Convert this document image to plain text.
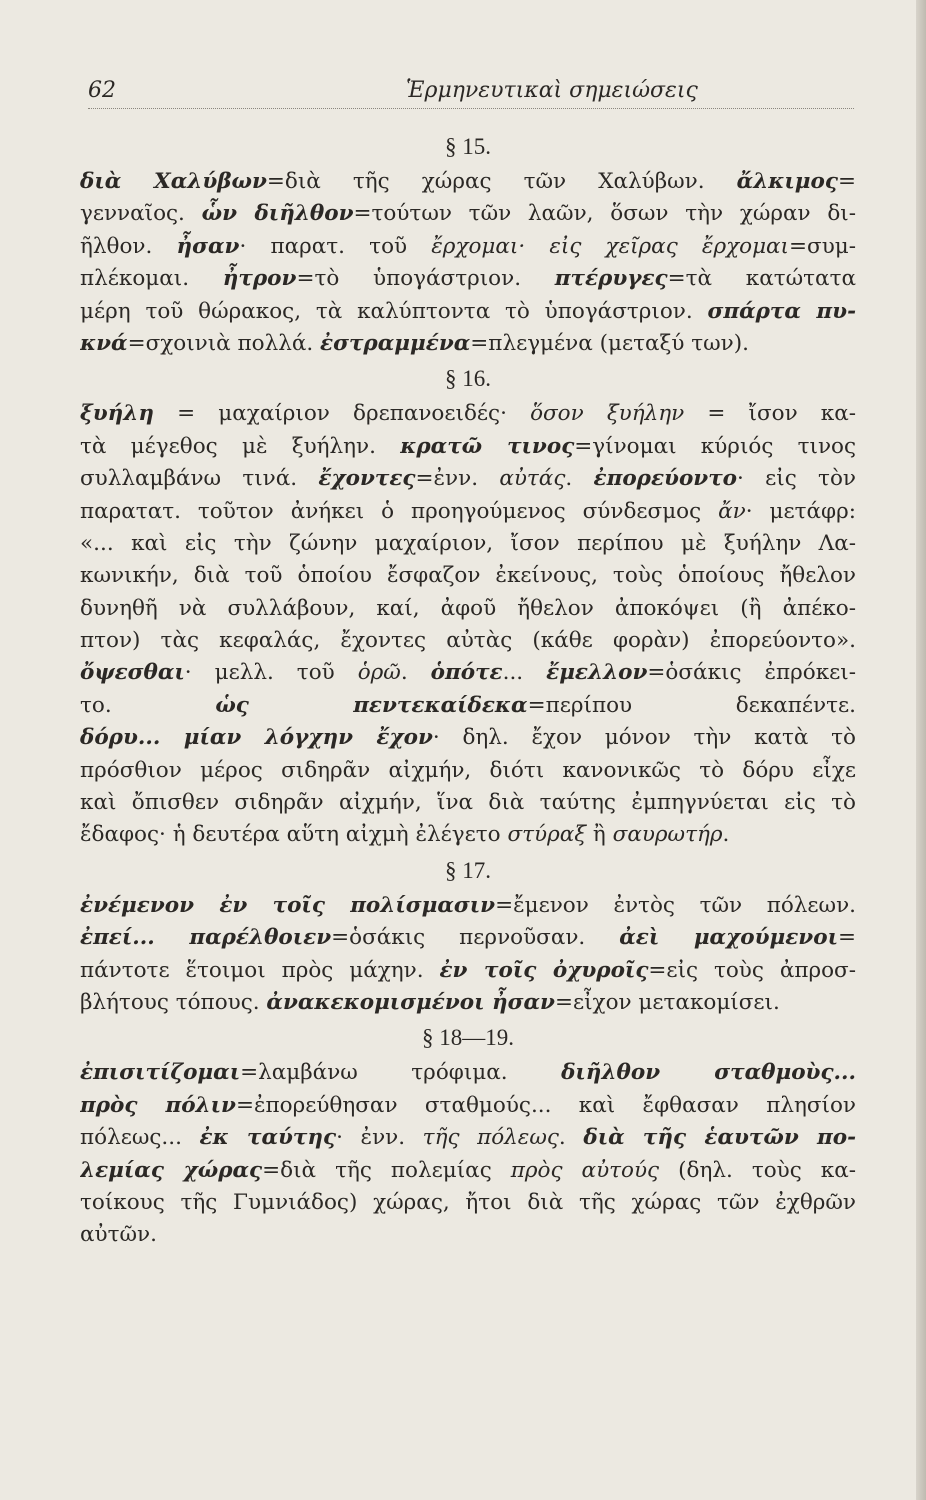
62	Ἑρμηνευτικαὶ σημειώσεις
§ 15.
διὰ Χαλύβων=διὰ τῆς χώρας τῶν Χαλύβων. ἄλκιμος=
γενναῖος. ὧν διῆλθον=τούτων τῶν λαῶν, ὅσων τὴν χώραν δι-
ῆλθον. ἦσαν· παρατ. τοῦ ἔρχομαι· εἰς χεῖρας ἔρχομαι=συμ-
πλέκομαι. ἦτρον=τὸ ὑπογάστριον. πτέρυγες=τὰ κατώτατα
μέρη τοῦ θώρακος, τὰ καλύπτοντα τὸ ὑπογάστριον. σπάρτα πυ-
κνά=σχοινιὰ πολλά. ἐστραμμένα=πλεγμένα (μεταξύ των).
§ 16.
ξυήλη = μαχαίριον δρεπανοειδές· ὅσον ξυήλην = ἴσον κα-
τὰ μέγεθος μὲ ξυήλην. κρατῶ τινος=γίνομαι κύριός τινος
συλλαμβάνω τινά. ἔχοντες=ἐνν. αὐτάς. ἐπορεύοντο· εἰς τὸν
παρατατ. τοῦτον ἀνήκει ὁ προηγούμενος σύνδεσμος ἄν· μετάφρ:
«... καὶ εἰς τὴν ζώνην μαχαίριον, ἴσον περίπου μὲ ξυήλην Λα-
κωνικήν, διὰ τοῦ ὁποίου ἔσφαζον ἐκείνους, τοὺς ὁποίους ἤθελον
δυνηθῆ νὰ συλλάβουν, καί, ἀφοῦ ἤθελον ἀποκόψει (ἢ ἀπέκο-
πτον) τὰς κεφαλάς, ἔχοντες αὐτὰς (κάθε φορὰν) ἐπορεύοντο».
ὄψεσθαι· μελλ. τοῦ ὁρῶ. ὁπότε... ἔμελλον=ὁσάκις ἐπρόκει-
το. ὡς πεντεκαίδεκα=περίπου δεκαπέντε.
δόρυ... μίαν λόγχην ἔχον· δηλ. ἔχον μόνον τὴν κατὰ τὸ
πρόσθιον μέρος σιδηρᾶν αἰχμήν, διότι κανονικῶς τὸ δόρυ εἶχε
καὶ ὄπισθεν σιδηρᾶν αἰχμήν, ἵνα διὰ ταύτης ἐμπηγνύεται εἰς τὸ
ἔδαφος· ἡ δευτέρα αὕτη αἰχμὴ ἐλέγετο στύραξ ἢ σαυρωτήρ.
§ 17.
ἐνέμενον ἐν τοῖς πολίσμασιν=ἔμενον ἐντὸς τῶν πόλεων.
ἐπεί... παρέλθοιεν=ὁσάκις περνοῦσαν. ἀεὶ μαχούμενοι=
πάντοτε ἕτοιμοι πρὸς μάχην. ἐν τοῖς ὀχυροῖς=εἰς τοὺς ἀπροσ-
βλήτους τόπους. ἀνακεκομισμένοι ἦσαν=εἶχον μετακομίσει.
§ 18—19.
ἐπισιτίζομαι=λαμβάνω τρόφιμα. διῆλθον σταθμοὺς...
πρὸς πόλιν=ἐπορεύθησαν σταθμούς... καὶ ἔφθασαν πλησίον
πόλεως... ἐκ ταύτης· ἐνν. τῆς πόλεως. διὰ τῆς ἑαυτῶν πο-
λεμίας χώρας=διὰ τῆς πολεμίας πρὸς αὐτούς (δηλ. τοὺς κα-
τοίκους τῆς Γυμνιάδος) χώρας, ἤτοι διὰ τῆς χώρας τῶν ἐχθρῶν
αὐτῶν.
